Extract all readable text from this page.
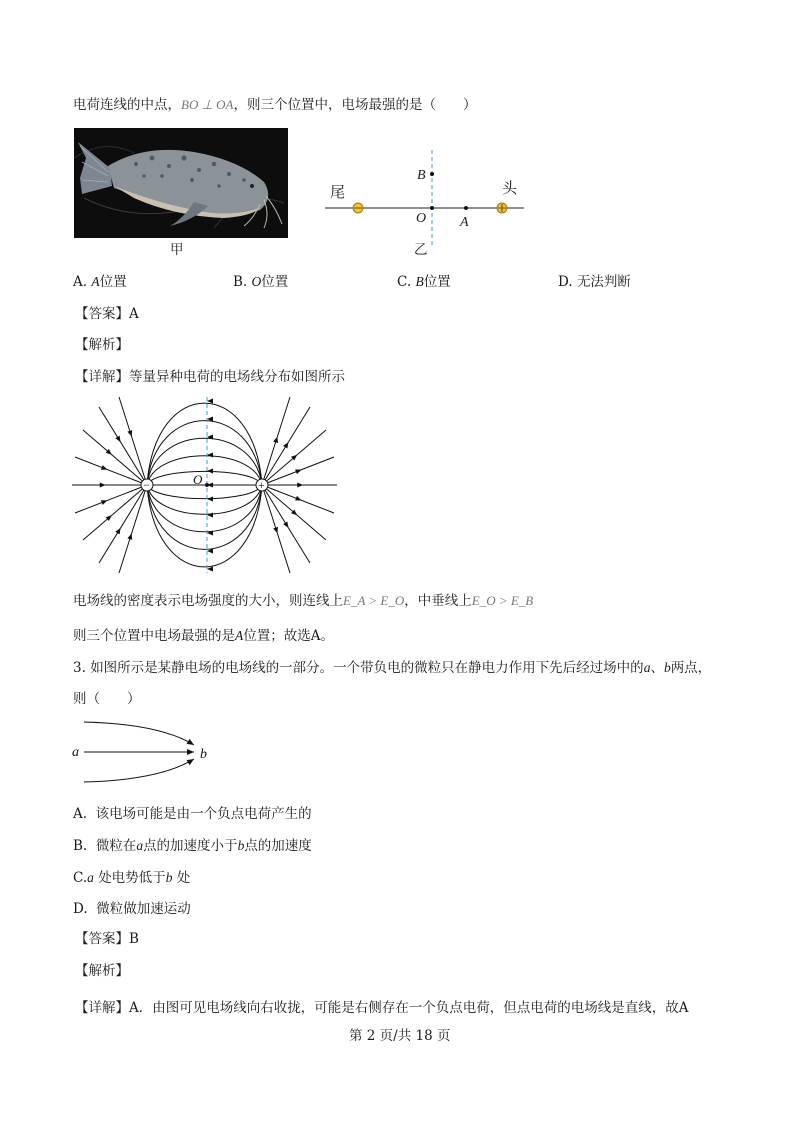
电荷连线的中点，BO ⊥ OA，则三个位置中，电场最强的是（　　）
甲
尾	头
B
O A
乙
A. A位置	B. O位置	C. B位置	D. 无法判断
【答案】A
【解析】
【详解】等量异种电荷的电场线分布如图所示
−	+
O
电场线的密度表示电场强度的大小，则连线上E_A > E_O，中垂线上E_O > E_B
则三个位置中电场最强的是A位置；故选A。
3. 如图所示是某静电场的电场线的一部分。一个带负电的微粒只在静电力作用下先后经过场中的a、b两点，
则（　　）
a	b
A. 该电场可能是由一个负点电荷产生的
B. 微粒在a点的加速度小于b点的加速度
C.a 处电势低于b 处
D. 微粒做加速运动
【答案】B
【解析】
【详解】A．由图可见电场线向右收拢，可能是右侧存在一个负点电荷，但点电荷的电场线是直线，故A
第 2 页/共 18 页
